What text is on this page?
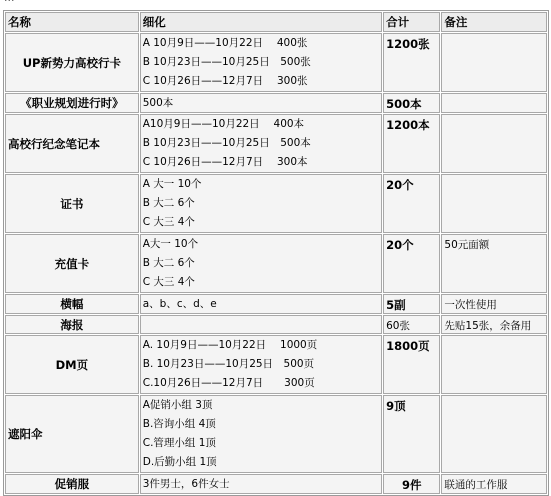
名称	细化	合计	备注
UP新势力高校行卡	A 10月9日——10月22日　 400张
B 10月23日——10月25日　500张
C 10月26日——12月7日　 300张	1200张	
《职业规划进行时》	500本	500本	
高校行纪念笔记本	A10月9日——10月22日　 400本
B 10月23日——10月25日　500本
C 10月26日——12月7日　 300本	1200本	
证书	A 大一 10个
B 大二 6个
C 大三 4个	20个	
充值卡	A大一 10个
B 大二 6个
C 大三 4个	20个	50元面额
横幅	a、b、c、d、e	5副	一次性使用
海报		60张	先贴15张，余备用
DM页	A. 10月9日——10月22日　 1000页
B. 10月23日——10月25日　500页
C.10月26日——12月7日　　300页	1800页	
遮阳伞	A促销小组 3顶
B.咨询小组 4顶
C.管理小组 1顶
D.后勤小组 1顶	9顶	
促销服	3件男士，6件女士	9件	联通的工作服
